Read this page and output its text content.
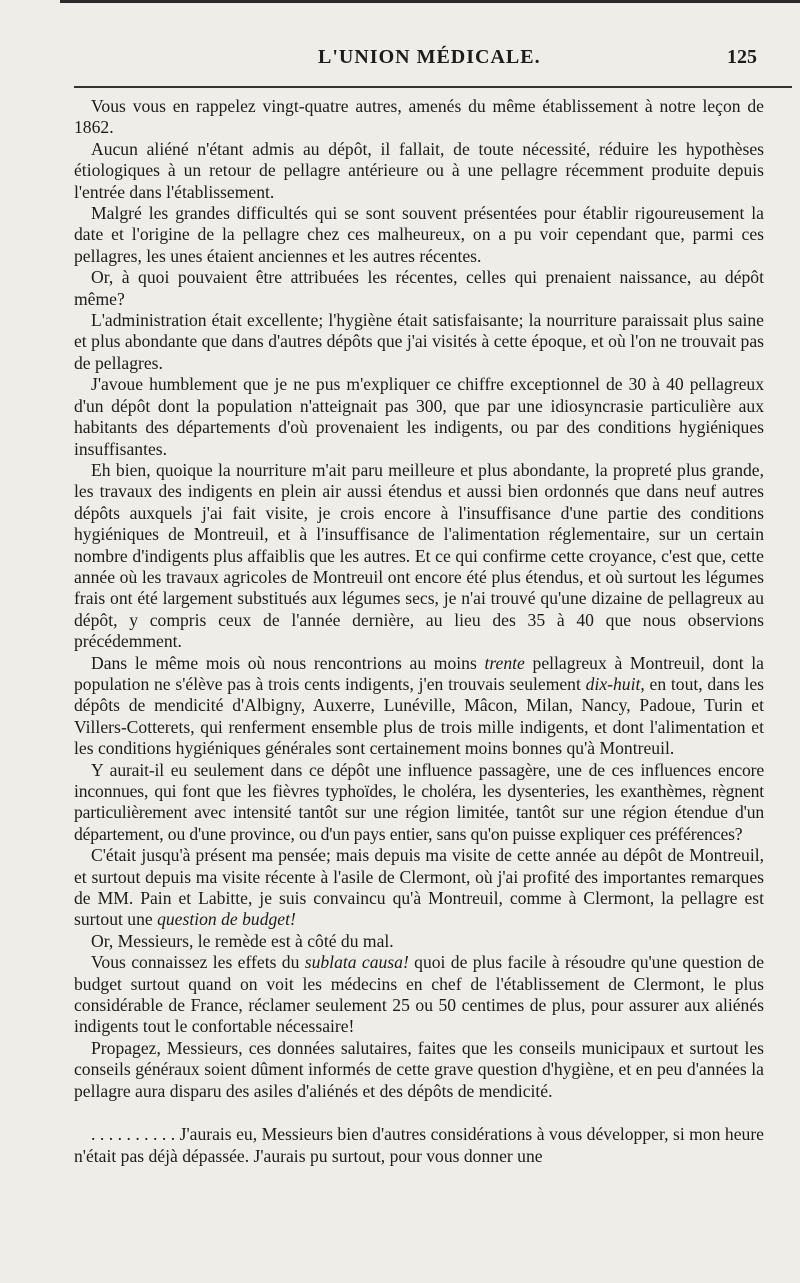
L'UNION MÉDICALE.	125

Vous vous en rappelez vingt-quatre autres, amenés du même établissement à notre leçon de 1862.

Aucun aliéné n'étant admis au dépôt, il fallait, de toute nécessité, réduire les hypothèses étiologiques à un retour de pellagre antérieure ou à une pellagre récemment produite depuis l'entrée dans l'établissement.

Malgré les grandes difficultés qui se sont souvent présentées pour établir rigoureusement la date et l'origine de la pellagre chez ces malheureux, on a pu voir cependant que, parmi ces pellagres, les unes étaient anciennes et les autres récentes.

Or, à quoi pouvaient être attribuées les récentes, celles qui prenaient naissance, au dépôt même?

L'administration était excellente; l'hygiène était satisfaisante; la nourriture paraissait plus saine et plus abondante que dans d'autres dépôts que j'ai visités à cette époque, et où l'on ne trouvait pas de pellagres.

J'avoue humblement que je ne pus m'expliquer ce chiffre exceptionnel de 30 à 40 pellagreux d'un dépôt dont la population n'atteignait pas 300, que par une idiosyncrasie particulière aux habitants des départements d'où provenaient les indigents, ou par des conditions hygiéniques insuffisantes.

Eh bien, quoique la nourriture m'ait paru meilleure et plus abondante, la propreté plus grande, les travaux des indigents en plein air aussi étendus et aussi bien ordonnés que dans neuf autres dépôts auxquels j'ai fait visite, je crois encore à l'insuffisance d'une partie des conditions hygiéniques de Montreuil, et à l'insuffisance de l'alimentation réglementaire, sur un certain nombre d'indigents plus affaiblis que les autres. Et ce qui confirme cette croyance, c'est que, cette année où les travaux agricoles de Montreuil ont encore été plus étendus, et où surtout les légumes frais ont été largement substitués aux légumes secs, je n'ai trouvé qu'une dizaine de pellagreux au dépôt, y compris ceux de l'année dernière, au lieu des 35 à 40 que nous observions précédemment.

Dans le même mois où nous rencontrions au moins trente pellagreux à Montreuil, dont la population ne s'élève pas à trois cents indigents, j'en trouvais seulement dix-huit, en tout, dans les dépôts de mendicité d'Albigny, Auxerre, Lunéville, Mâcon, Milan, Nancy, Padoue, Turin et Villers-Cotterets, qui renferment ensemble plus de trois mille indigents, et dont l'alimentation et les conditions hygiéniques générales sont certainement moins bonnes qu'à Montreuil.

Y aurait-il eu seulement dans ce dépôt une influence passagère, une de ces influences encore inconnues, qui font que les fièvres typhoïdes, le choléra, les dysenteries, les exanthèmes, règnent particulièrement avec intensité tantôt sur une région limitée, tantôt sur une région étendue d'un département, ou d'une province, ou d'un pays entier, sans qu'on puisse expliquer ces préférences?

C'était jusqu'à présent ma pensée; mais depuis ma visite de cette année au dépôt de Montreuil, et surtout depuis ma visite récente à l'asile de Clermont, où j'ai profité des importantes remarques de MM. Pain et Labitte, je suis convaincu qu'à Montreuil, comme à Clermont, la pellagre est surtout une question de budget!

Or, Messieurs, le remède est à côté du mal.

Vous connaissez les effets du sublata causa! quoi de plus facile à résoudre qu'une question de budget surtout quand on voit les médecins en chef de l'établissement de Clermont, le plus considérable de France, réclamer seulement 25 ou 50 centimes de plus, pour assurer aux aliénés indigents tout le confortable nécessaire!

Propagez, Messieurs, ces données salutaires, faites que les conseils municipaux et surtout les conseils généraux soient dûment informés de cette grave question d'hygiène, et en peu d'années la pellagre aura disparu des asiles d'aliénés et des dépôts de mendicité.

. . . . . . . . . . J'aurais eu, Messieurs bien d'autres considérations à vous développer, si mon heure n'était pas déjà dépassée. J'aurais pu surtout, pour vous donner une
